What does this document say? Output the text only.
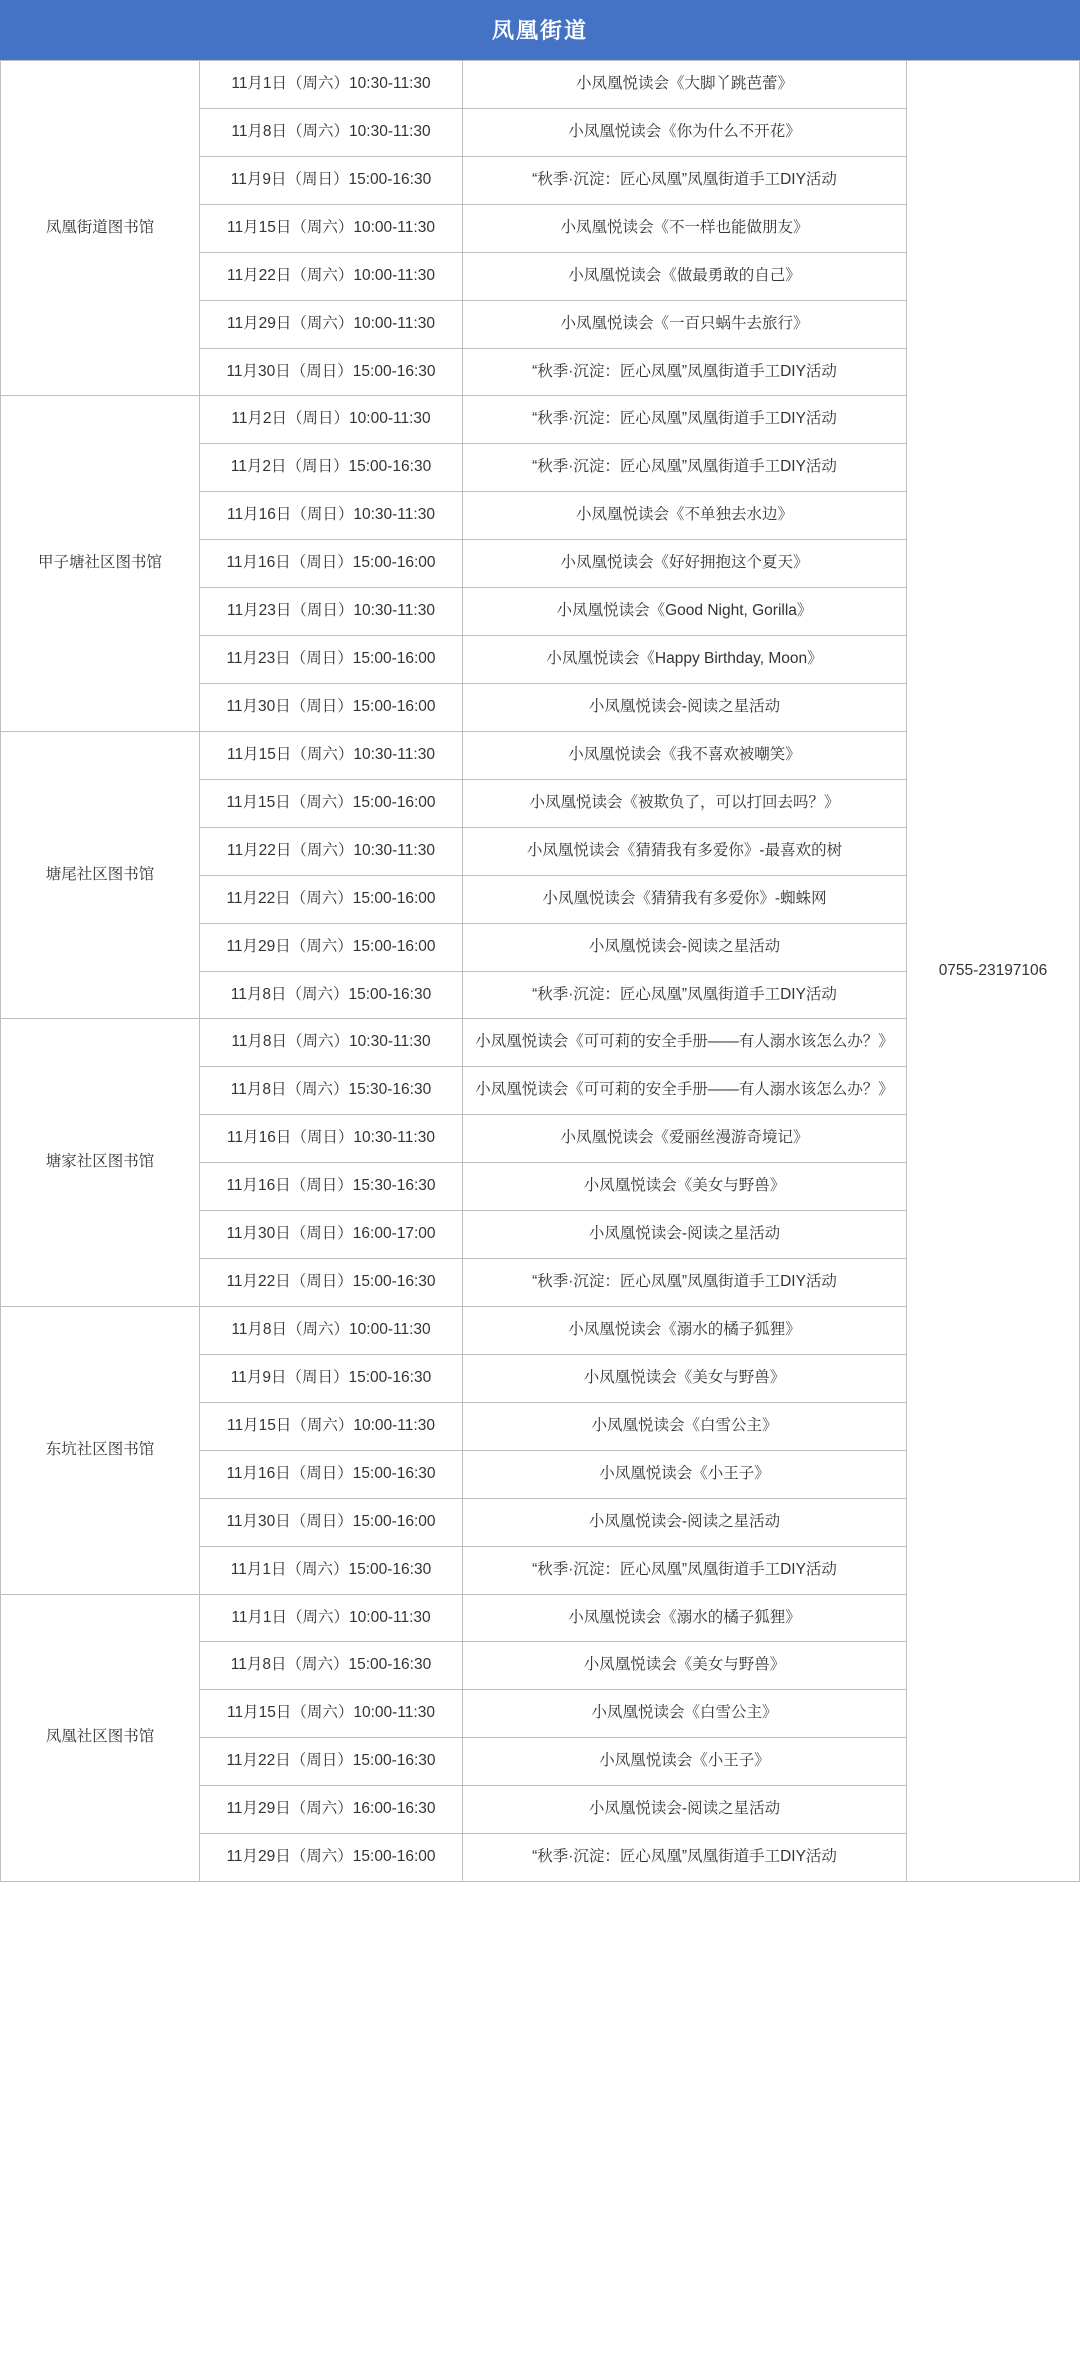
凤凰街道
凤凰街道图书馆	11月1日（周六）10:30-11:30	小凤凰悦读会《大脚丫跳芭蕾》	0755-23197106
	11月8日（周六）10:30-11:30	小凤凰悦读会《你为什么不开花》	
	11月9日（周日）15:00-16:30	“秋季·沉淀：匠心凤凰”凤凰街道手工DIY活动	
	11月15日（周六）10:00-11:30	小凤凰悦读会《不一样也能做朋友》	
	11月22日（周六）10:00-11:30	小凤凰悦读会《做最勇敢的自己》	
	11月29日（周六）10:00-11:30	小凤凰悦读会《一百只蜗牛去旅行》	
	11月30日（周日）15:00-16:30	“秋季·沉淀：匠心凤凰”凤凰街道手工DIY活动	
甲子塘社区图书馆	11月2日（周日）10:00-11:30	“秋季·沉淀：匠心凤凰”凤凰街道手工DIY活动	
	11月2日（周日）15:00-16:30	“秋季·沉淀：匠心凤凰”凤凰街道手工DIY活动	
	11月16日（周日）10:30-11:30	小凤凰悦读会《不单独去水边》	
	11月16日（周日）15:00-16:00	小凤凰悦读会《好好拥抱这个夏天》	
	11月23日（周日）10:30-11:30	小凤凰悦读会《Good Night, Gorilla》	
	11月23日（周日）15:00-16:00	小凤凰悦读会《Happy Birthday, Moon》	
	11月30日（周日）15:00-16:00	小凤凰悦读会-阅读之星活动	
塘尾社区图书馆	11月15日（周六）10:30-11:30	小凤凰悦读会《我不喜欢被嘲笑》	
	11月15日（周六）15:00-16:00	小凤凰悦读会《被欺负了，可以打回去吗？》	
	11月22日（周六）10:30-11:30	小凤凰悦读会《猜猜我有多爱你》-最喜欢的树	
	11月22日（周六）15:00-16:00	小凤凰悦读会《猜猜我有多爱你》-蜘蛛网	
	11月29日（周六）15:00-16:00	小凤凰悦读会-阅读之星活动	
	11月8日（周六）15:00-16:30	“秋季·沉淀：匠心凤凰”凤凰街道手工DIY活动	
塘家社区图书馆	11月8日（周六）10:30-11:30	小凤凰悦读会《可可莉的安全手册——有人溺水该怎么办？》	
	11月8日（周六）15:30-16:30	小凤凰悦读会《可可莉的安全手册——有人溺水该怎么办？》	
	11月16日（周日）10:30-11:30	小凤凰悦读会《爱丽丝漫游奇境记》	
	11月16日（周日）15:30-16:30	小凤凰悦读会《美女与野兽》	
	11月30日（周日）16:00-17:00	小凤凰悦读会-阅读之星活动	
	11月22日（周日）15:00-16:30	“秋季·沉淀：匠心凤凰”凤凰街道手工DIY活动	
东坑社区图书馆	11月8日（周六）10:00-11:30	小凤凰悦读会《溺水的橘子狐狸》	
	11月9日（周日）15:00-16:30	小凤凰悦读会《美女与野兽》	
	11月15日（周六）10:00-11:30	小凤凰悦读会《白雪公主》	
	11月16日（周日）15:00-16:30	小凤凰悦读会《小王子》	
	11月30日（周日）15:00-16:00	小凤凰悦读会-阅读之星活动	
	11月1日（周六）15:00-16:30	“秋季·沉淀：匠心凤凰”凤凰街道手工DIY活动	
凤凰社区图书馆	11月1日（周六）10:00-11:30	小凤凰悦读会《溺水的橘子狐狸》	
	11月8日（周六）15:00-16:30	小凤凰悦读会《美女与野兽》	
	11月15日（周六）10:00-11:30	小凤凰悦读会《白雪公主》	
	11月22日（周日）15:00-16:30	小凤凰悦读会《小王子》	
	11月29日（周六）16:00-16:30	小凤凰悦读会-阅读之星活动	
	11月29日（周六）15:00-16:00	“秋季·沉淀：匠心凤凰”凤凰街道手工DIY活动	
